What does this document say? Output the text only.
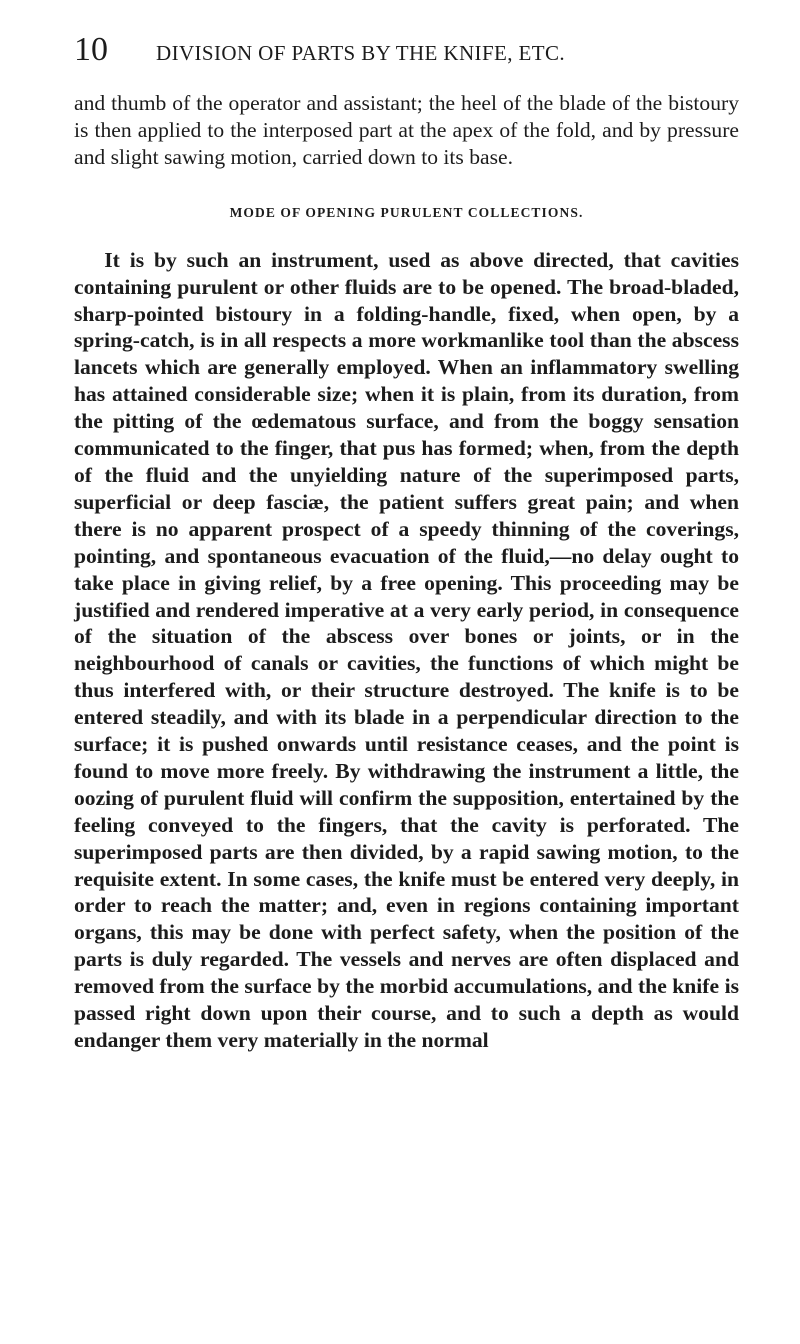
10	DIVISION OF PARTS BY THE KNIFE, ETC.

and thumb of the operator and assistant; the heel of the blade of the bistoury is then applied to the interposed part at the apex of the fold, and by pressure and slight sawing motion, carried down to its base.

MODE OF OPENING PURULENT COLLECTIONS.

It is by such an instrument, used as above directed, that cavities containing purulent or other fluids are to be opened. The broad-bladed, sharp-pointed bistoury in a folding-handle, fixed, when open, by a spring-catch, is in all respects a more workmanlike tool than the abscess lancets which are generally employed. When an inflammatory swelling has attained considerable size; when it is plain, from its duration, from the pitting of the œdematous surface, and from the boggy sensation communicated to the finger, that pus has formed; when, from the depth of the fluid and the unyielding nature of the superimposed parts, superficial or deep fasciæ, the patient suffers great pain; and when there is no apparent prospect of a speedy thinning of the coverings, pointing, and spontaneous evacuation of the fluid,—no delay ought to take place in giving relief, by a free opening. This proceeding may be justified and rendered imperative at a very early period, in consequence of the situation of the abscess over bones or joints, or in the neighbourhood of canals or cavities, the functions of which might be thus interfered with, or their structure destroyed. The knife is to be entered steadily, and with its blade in a perpendicular direction to the surface; it is pushed onwards until resistance ceases, and the point is found to move more freely. By withdrawing the instrument a little, the oozing of purulent fluid will confirm the supposition, entertained by the feeling conveyed to the fingers, that the cavity is perforated. The superimposed parts are then divided, by a rapid sawing motion, to the requisite extent. In some cases, the knife must be entered very deeply, in order to reach the matter; and, even in regions containing important organs, this may be done with perfect safety, when the position of the parts is duly regarded. The vessels and nerves are often displaced and removed from the surface by the morbid accumulations, and the knife is passed right down upon their course, and to such a depth as would endanger them very materially in the normal
